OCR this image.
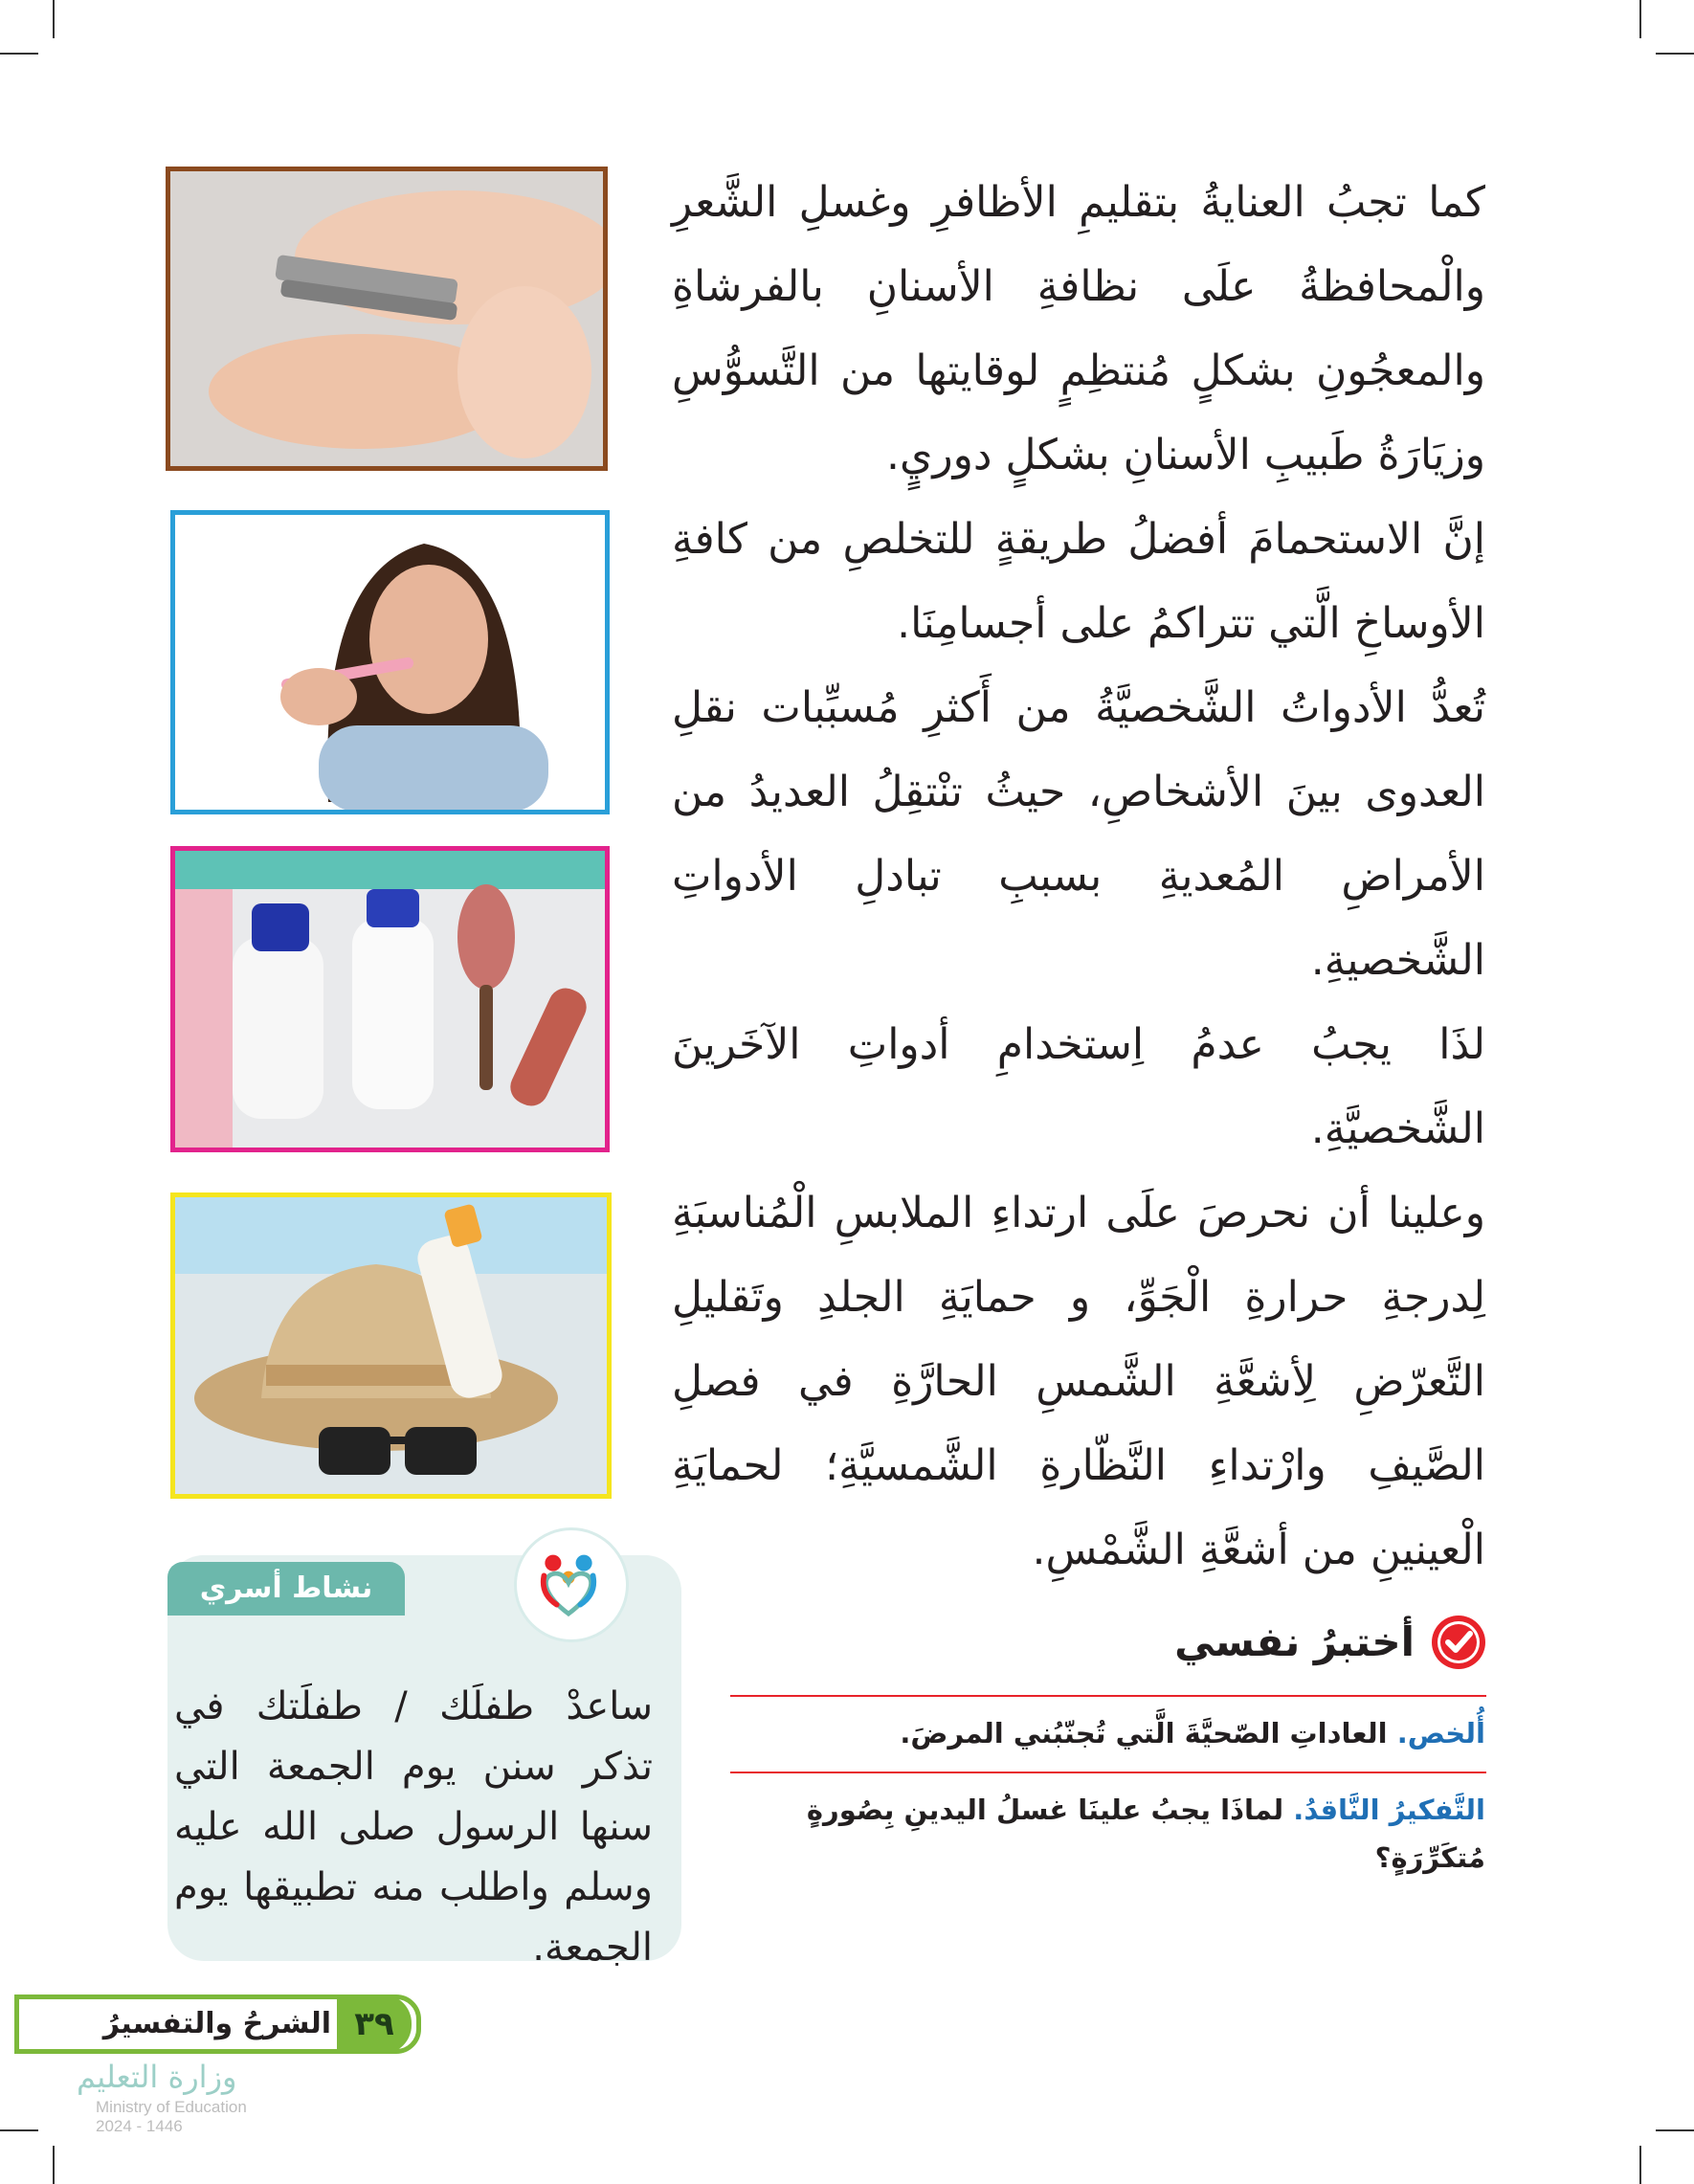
كما تجبُ العنايةُ بتقليمِ الأظافرِ وغسلِ الشَّعرِ والْمحافظةُ علَى نظافةِ الأسنانِ بالفرشاةِ والمعجُونِ بشكلٍ مُنتظِمٍ لوقايتها من التَّسوُّسِ وزيَارَةُ طَبيبِ الأسنانِ بشكلٍ دوريٍ.

إنَّ الاستحمامَ أفضلُ طريقةٍ للتخلصِ من كافةِ الأوساخِ الَّتي تتراكمُ على أجسامِنَا.

تُعدُّ الأدواتُ الشَّخصيَّةُ من أَكثرِ مُسبِّبات نقلِ العدوى بينَ الأشخاصِ، حيثُ تنْتقِلُ العديدُ من الأمراضِ المُعديةِ بسببِ تبادلِ الأدواتِ الشَّخصيةِ.

لذَا يجبُ عدمُ اِستخدامِ أدواتِ الآخَرينَ الشَّخصيَّةِ.

وعلينا أن نحرصَ علَى ارتداءِ الملابسِ الْمُناسبَةِ لِدرجةِ حرارةِ الْجَوِّ، و حمايَةِ الجلدِ وتَقليلِ التَّعرّضِ لِأشعَّةِ الشَّمسِ الحارَّةِ في فصلِ الصَّيفِ وارْتداءِ النَّظّارةِ الشَّمسيَّةِ؛ لحمايَةِ الْعينينِ من أشعَّةِ الشَّمْسِ.

أختبرُ نفسي
أُلخص. العاداتِ الصّحيَّةَ الَّتي تُجنّبُني المرضَ.
التَّفكيرُ النَّاقدُ. لماذَا يجبُ علينَا غسلُ اليدينِ بِصُورةٍ مُتكَرِّرَةٍ؟
نشاط أسري
ساعدْ طفلَك / طفلَتك في تذكر سنن يوم الجمعة التي سنها الرسول صلى الله عليه وسلم واطلب منه تطبيقها يوم الجمعة.
٣٩
الشرحُ والتفسيرُ
وزارة التعليم
Ministry of Education
2024 - 1446
